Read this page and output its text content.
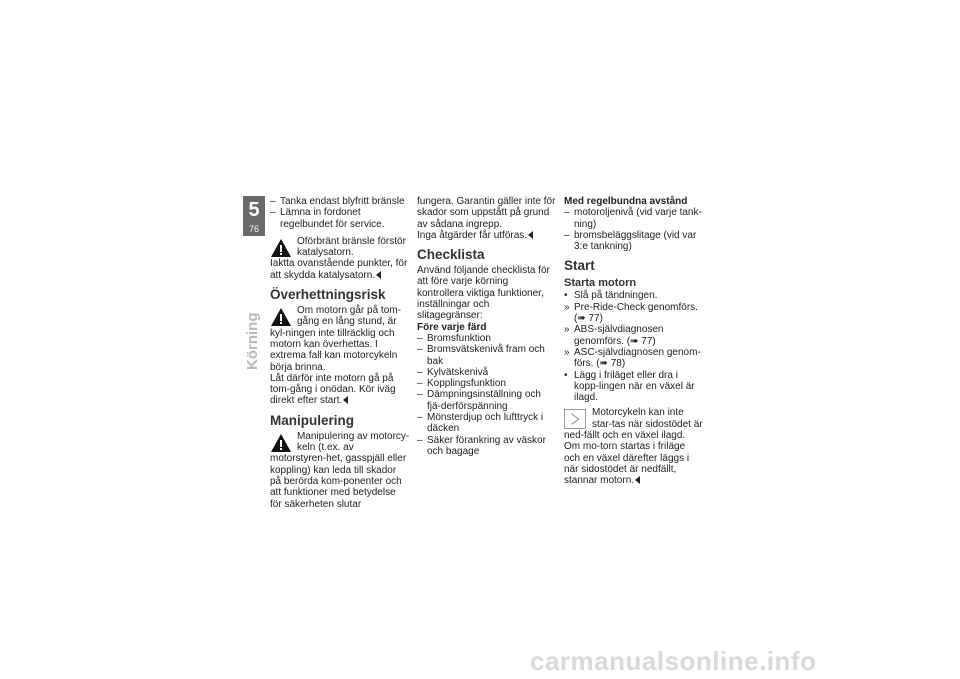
5
76
Körning
– Tanka endast blyfritt bränsle
– Lämna in fordonet regelbundet för service.

Oförbränt bränsle förstör katalysatorn.

Iaktta ovanstående punkter, för att skydda katalysatorn.

Överhettningsrisk

Om motorn går på tom-gång en lång stund, är kyl-ningen inte tillräcklig och motorn kan överhettas. I extrema fall kan motorcykeln börja brinna.

Låt därför inte motorn gå på tom-gång i onödan. Kör iväg direkt efter start.

Manipulering

Manipulering av motorcy-keln (t.ex. av motorstyren-het, gasspjäll eller koppling) kan leda till skador på berörda kom-ponenter och att funktioner med betydelse för säkerheten slutar

fungera. Garantin gäller inte för skador som uppstått på grund av sådana ingrepp.

Inga åtgärder får utföras.

Checklista

Använd följande checklista för att före varje körning kontrollera viktiga funktioner, inställningar och slitagegränser:

Före varje färd
– Bromsfunktion
– Bromsvätskenivå fram och bak
– Kylvätskenivå
– Kopplingsfunktion
– Dämpningsinställning och fjä-derförspänning
– Mönsterdjup och lufttryck i däcken
– Säker förankring av väskor och bagage
Med regelbundna avstånd
– motoroljenivå (vid varje tank-ning)
– bromsbeläggslitage (vid var 3:e tankning)
Start
Starta motorn
• Slå på tändningen.
» Pre-Ride-Check genomförs. (➠ 77)
» ABS-självdiagnosen genomförs. (➠ 77)
» ASC-självdiagnosen genom-förs. (➠ 78)
• Lägg i friläget eller dra i kopp-lingen när en växel är ilagd.

Motorcykeln kan inte star-tas när sidostödet är ned-fällt och en växel ilagd. Om mo-torn startas i friläge och en växel därefter läggs i när sidostödet är nedfällt, stannar motorn.

carmanualsonline.info
